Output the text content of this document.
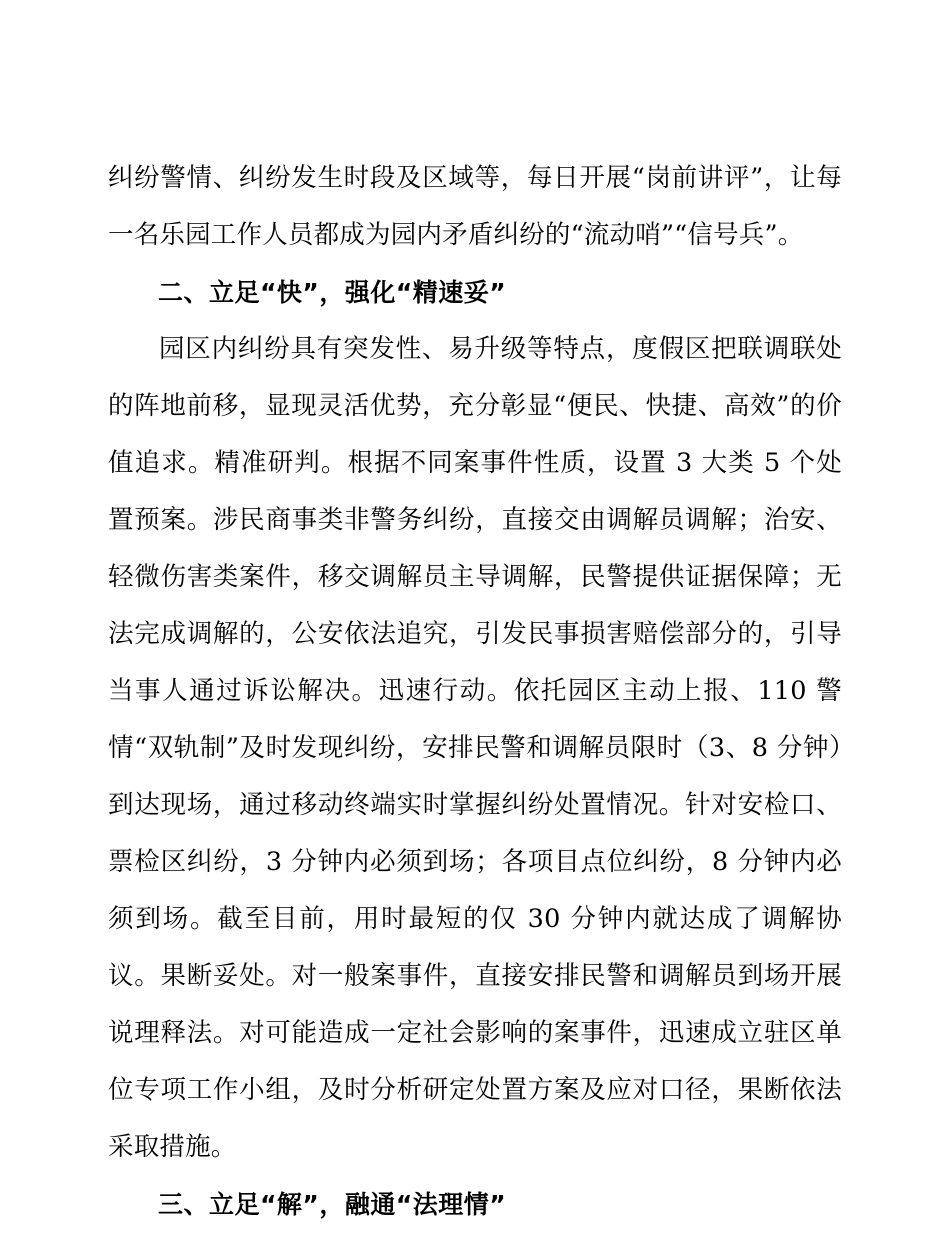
纠纷警情、纠纷发生时段及区域等，每日开展“岗前讲评”，让每一名乐园工作人员都成为园内矛盾纠纷的“流动哨”“信号兵”。

二、立足“快”，强化“精速妥”

园区内纠纷具有突发性、易升级等特点，度假区把联调联处的阵地前移，显现灵活优势，充分彰显“便民、快捷、高效”的价值追求。精准研判。根据不同案事件性质，设置 3 大类 5 个处置预案。涉民商事类非警务纠纷，直接交由调解员调解；治安、轻微伤害类案件，移交调解员主导调解，民警提供证据保障；无法完成调解的，公安依法追究，引发民事损害赔偿部分的，引导当事人通过诉讼解决。迅速行动。依托园区主动上报、110 警情“双轨制”及时发现纠纷，安排民警和调解员限时（3、8 分钟）到达现场，通过移动终端实时掌握纠纷处置情况。针对安检口、票检区纠纷，3 分钟内必须到场；各项目点位纠纷，8 分钟内必须到场。截至目前，用时最短的仅 30 分钟内就达成了调解协议。果断妥处。对一般案事件，直接安排民警和调解员到场开展说理释法。对可能造成一定社会影响的案事件，迅速成立驻区单位专项工作小组，及时分析研定处置方案及应对口径，果断依法采取措施。

三、立足“解”，融通“法理情”
